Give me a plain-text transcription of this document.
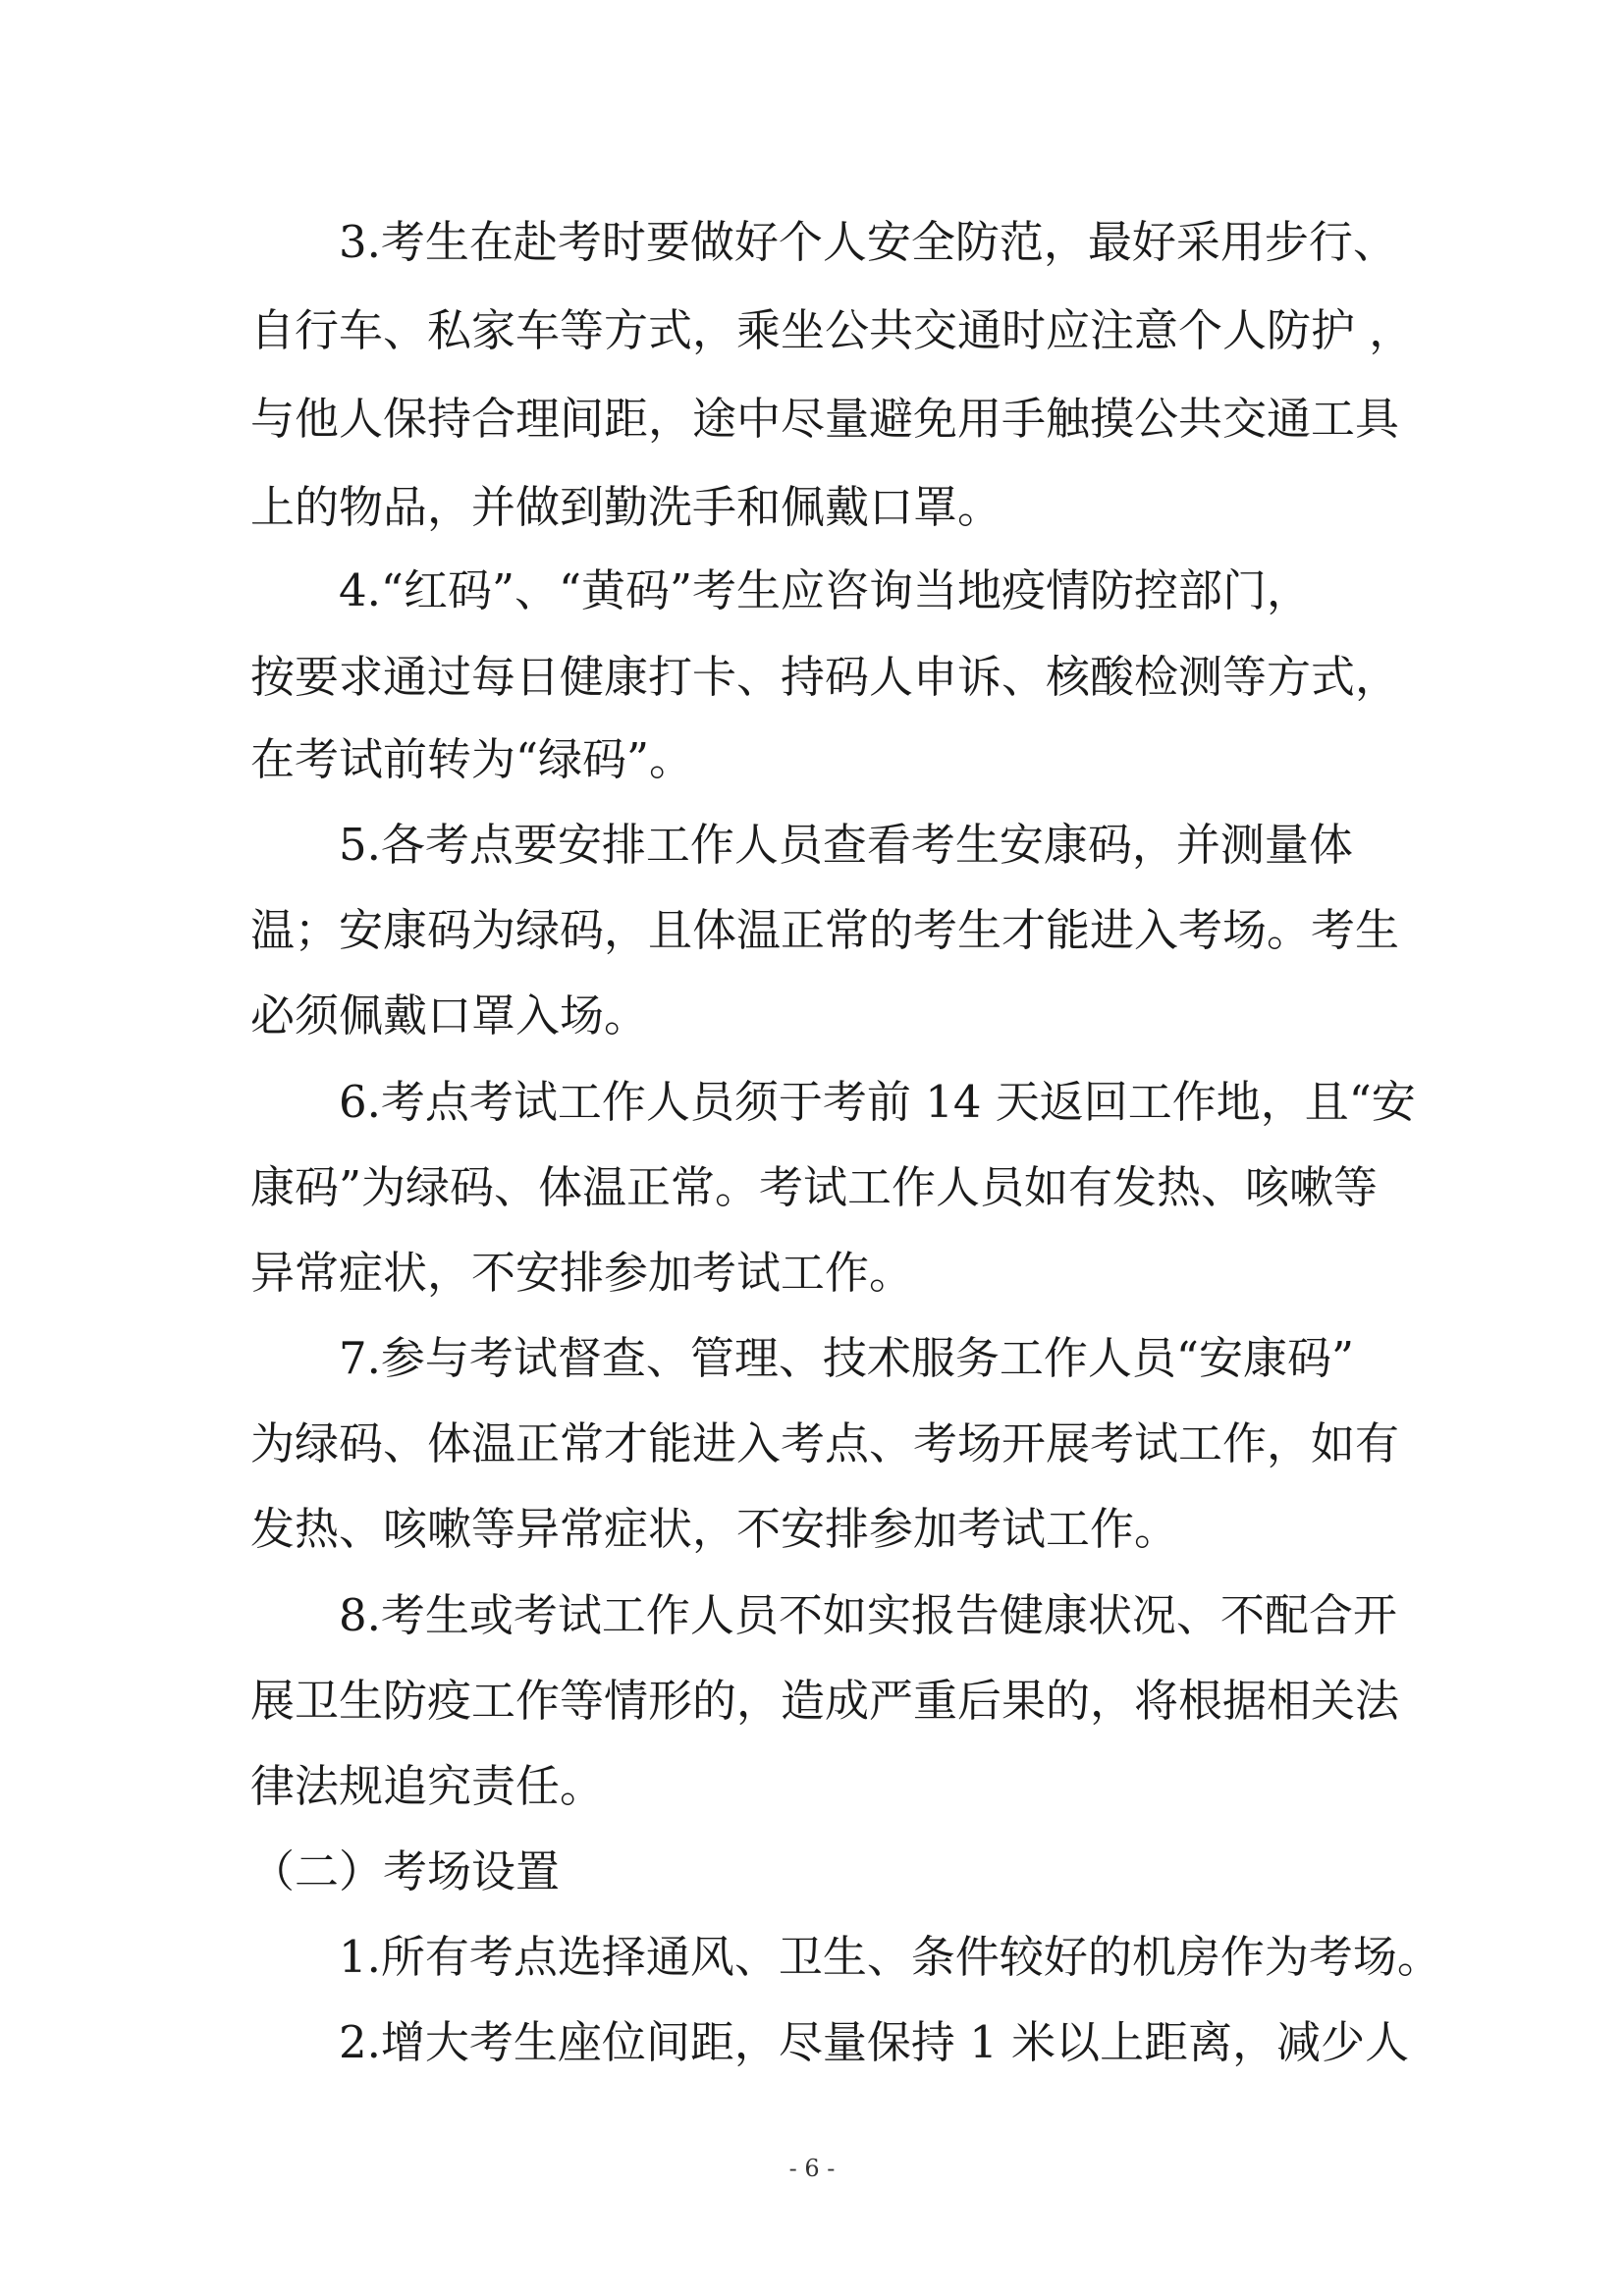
3.考生在赴考时要做好个人安全防范，最好采用步行、
自行车、私家车等方式，乘坐公共交通时应注意个人防护 ，
与他人保持合理间距，途中尽量避免用手触摸公共交通工具
上的物品，并做到勤洗手和佩戴口罩。
4.“红码”、“黄码”考生应咨询当地疫情防控部门，
按要求通过每日健康打卡、持码人申诉、核酸检测等方式，
在考试前转为“绿码”。
5.各考点要安排工作人员查看考生安康码，并测量体
温；安康码为绿码，且体温正常的考生才能进入考场。考生
必须佩戴口罩入场。
6.考点考试工作人员须于考前 14 天返回工作地，且“安
康码”为绿码、体温正常。考试工作人员如有发热、咳嗽等
异常症状，不安排参加考试工作。
7.参与考试督查、管理、技术服务工作人员“安康码”
为绿码、体温正常才能进入考点、考场开展考试工作，如有
发热、咳嗽等异常症状，不安排参加考试工作。
8.考生或考试工作人员不如实报告健康状况、不配合开
展卫生防疫工作等情形的，造成严重后果的，将根据相关法
律法规追究责任。
（二）考场设置
1.所有考点选择通风、卫生、条件较好的机房作为考场。
2.增大考生座位间距，尽量保持 1 米以上距离，减少人
- 6 -
